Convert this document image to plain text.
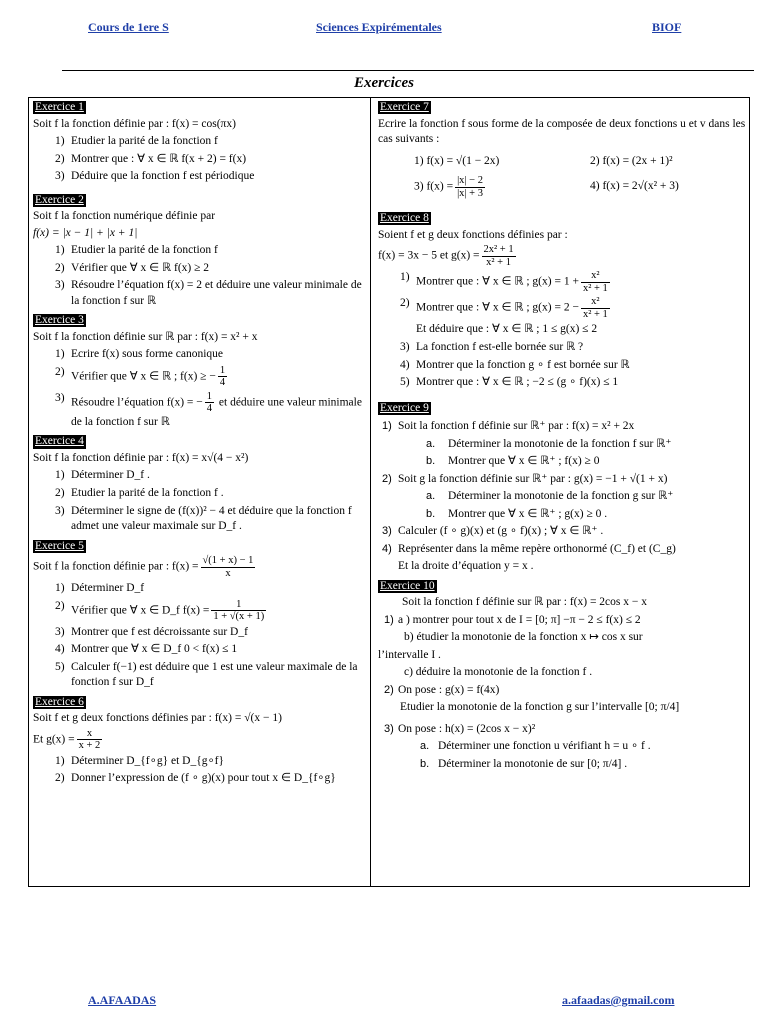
Cours de 1ere S	Sciences Expirémentales	BIOF
Exercices
Exercice 1
Soit f la fonction définie par : f(x) = cos(πx)
1) Etudier la parité de la fonction f
2) Montrer que : ∀ x ∈ ℝ f(x + 2) = f(x)
3) Déduire que la fonction f est périodique
Exercice 2
Soit f la fonction numérique définie par
f(x) = |x − 1| + |x + 1|
1) Etudier la parité de la fonction f
2) Vérifier que ∀ x ∈ ℝ f(x) ≥ 2
3) Résoudre l’équation f(x) = 2 et déduire une valeur minimale de la fonction f sur ℝ
Exercice 3
Soit f la fonction définie sur ℝ par : f(x) = x² + x
1) Ecrire f(x) sous forme canonique
2) Vérifier que ∀ x ∈ ℝ ; f(x) ≥ − $\frac{1}{4}$
3) Résoudre l’équation f(x) = − $\frac{1}{4}$ et déduire une valeur minimale de la fonction f sur ℝ
Exercice 4
Soit f la fonction définie par : f(x) = x√(4 − x²)
1) Déterminer D_f .
2) Etudier la parité de la fonction f .
3) Déterminer le signe de (f(x))² − 4 et déduire que la fonction f admet une valeur maximale sur D_f .
Exercice 5
Soit f la fonction définie par : $f(x) = \frac{√(1 + x) - 1}{x}$
1) Déterminer D_f
2) Vérifier que ∀ x ∈ D_f $f(x) = \frac{1}{1 + √(x + 1)}$
3) Montrer que f est décroissante sur D_f
4) Montrer que ∀ x ∈ D_f 0 < f(x) ≤ 1
5) Calculer f(−1) est déduire que 1 est une valeur maximale de la fonction f sur D_f
Exercice 6
Soit f et g deux fonctions définies par : f(x) = √(x − 1)
Et $g(x) = \frac{x}{x + 2}$
1) Déterminer D_{f∘g} et D_{g∘f}
2) Donner l’expression de (f ∘ g)(x) pour tout x ∈ D_{f∘g}
Exercice 7
Ecrire la fonction f sous forme de la composée de deux fonctions u et v dans les cas suivants :
1) f(x) = √(1 − 2x)	2) f(x) = (2x + 1)²
3) $f(x) = \frac{|x| - 2}{|x| + 3}$	4) f(x) = 2√(x² + 3)
Exercice 8
Soient f et g deux fonctions définies par :
f(x) = 3x − 5 et $g(x) = \frac{\text{2x² + 1}}{\text{x² + 1}}$
1) Montrer que : ∀ x ∈ ℝ ; $g(x) = 1 + \frac{\text{x²}}{\text{x² + 1}}$
2) Montrer que : ∀ x ∈ ℝ ; $g(x) = 2 - \frac{\text{x²}}{\text{x² + 1}}$
Et déduire que : ∀ x ∈ ℝ ; 1 ≤ g(x) ≤ 2
3) La fonction f est-elle bornée sur ℝ ?
4) Montrer que la fonction g ∘ f est bornée sur ℝ
5) Montrer que : ∀ x ∈ ℝ ; −2 ≤ (g ∘ f)(x) ≤ 1
Exercice 9
1) Soit la fonction f définie sur ℝ⁺ par : f(x) = x² + 2x
a.	Déterminer la monotonie de la fonction f sur ℝ⁺
b.	Montrer que ∀ x ∈ ℝ⁺ ; f(x) ≥ 0
2) Soit g la fonction définie sur ℝ⁺ par : g(x) = −1 + √(1 + x)
a.	Déterminer la monotonie de la fonction g sur ℝ⁺
b.	Montrer que ∀ x ∈ ℝ⁺ ; g(x) ≥ 0 .
3) Calculer (f ∘ g)(x) et (g ∘ f)(x) ; ∀ x ∈ ℝ⁺ .
4) Représenter dans la même repère orthonormé (C_f) et (C_g)
Et la droite d’équation y = x .
Exercice 10
Soit la fonction f définie sur ℝ par : f(x) = 2cos x − x
1) a ) montrer pour tout x de I = [0; π] −π − 2 ≤ f(x) ≤ 2
b) étudier la monotonie de la fonction x ↦ cos x sur
l’intervalle I .
c) déduire la monotonie de la fonction f .
2) On pose : g(x) = f(4x)
Etudier la monotonie de la fonction g sur l’intervalle [0; π/4]
3) On pose : h(x) = (2cos x − x)²
a. Déterminer une fonction u vérifiant h = u ∘ f .
b. Déterminer la monotonie de sur [0; π/4] .
A.AFAADAS	a.afaadas@gmail.com
